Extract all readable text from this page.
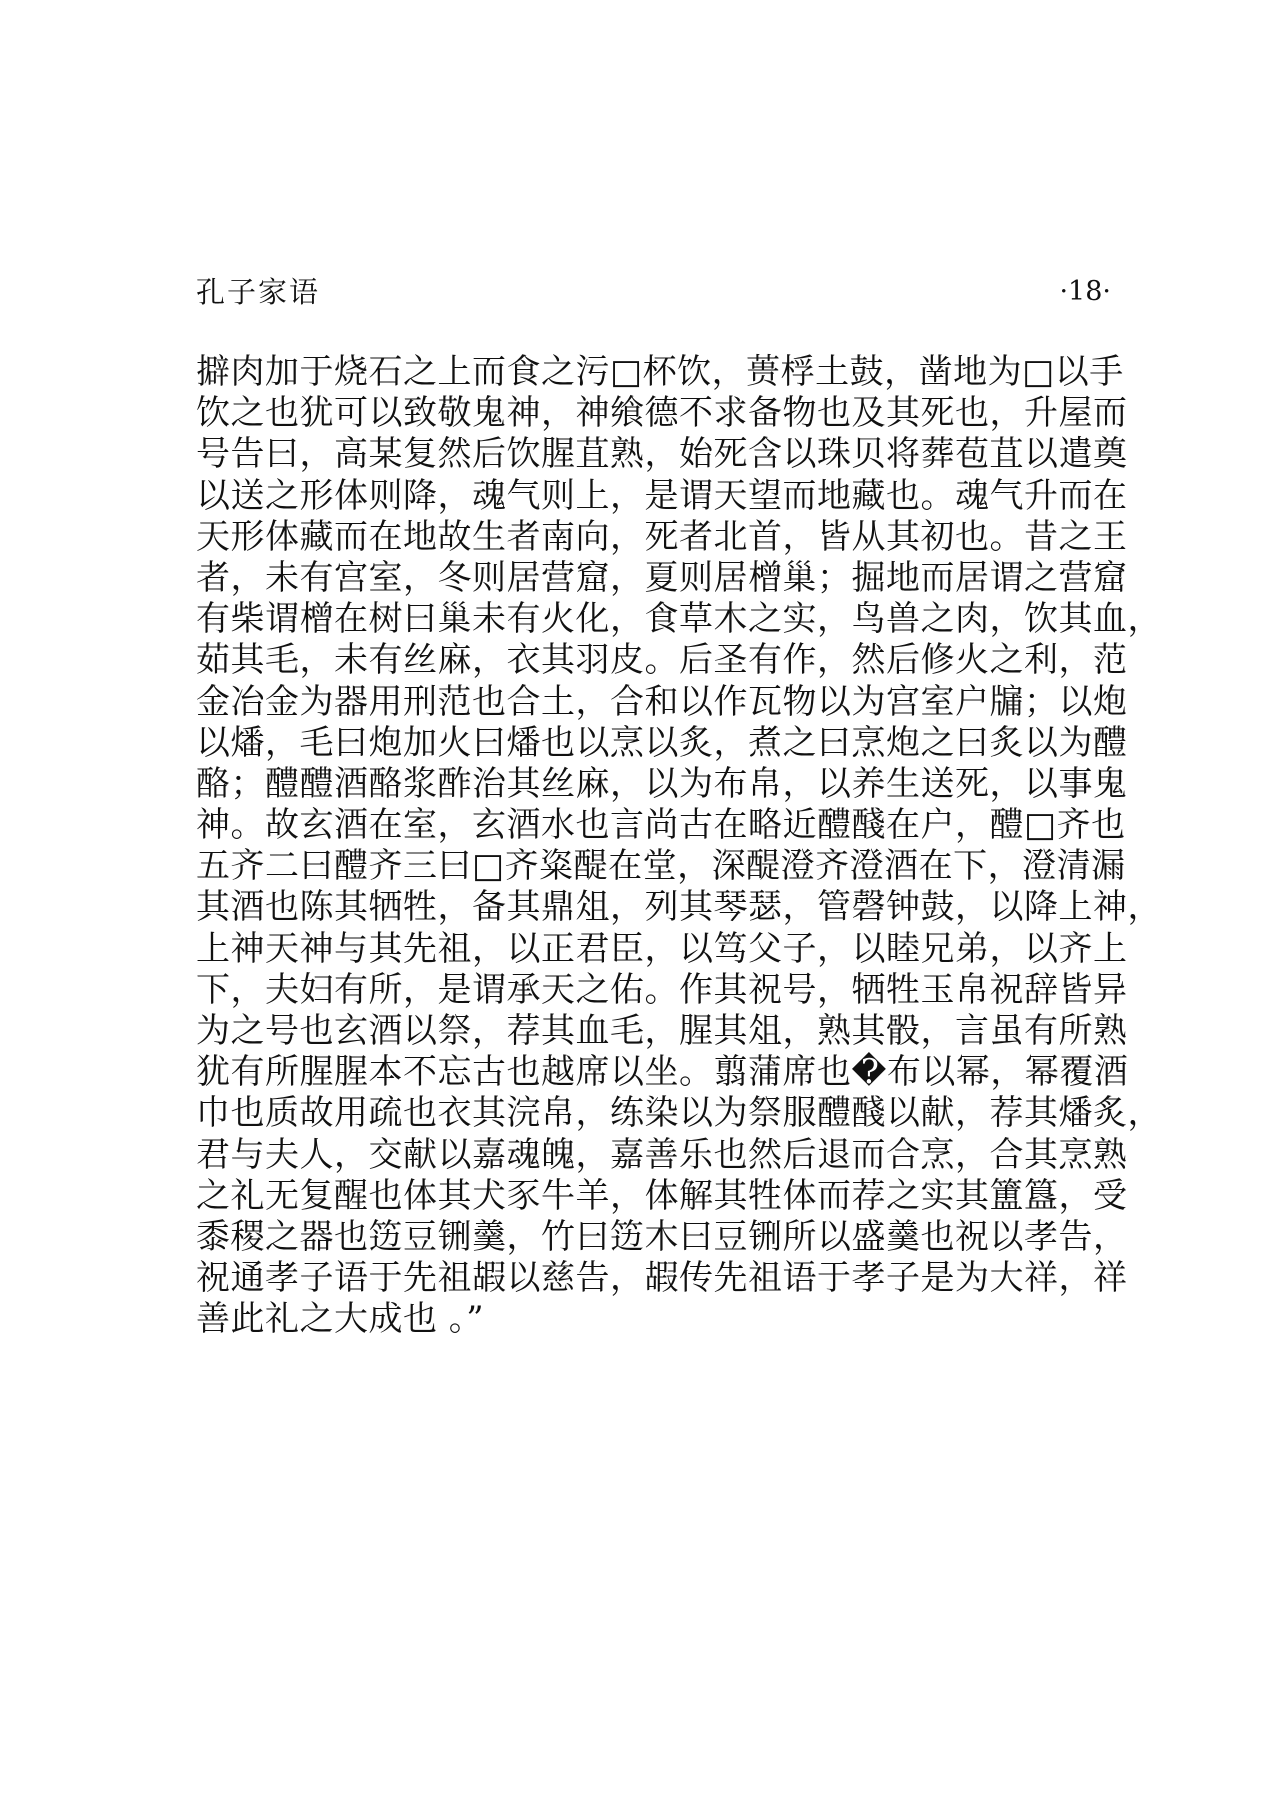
孔子家语	·18·
擗肉加于烧石之上而食之污□杯饮，蒉桴土鼓，凿地为□以手
饮之也犹可以致敬鬼神，神飨德不求备物也及其死也，升屋而
号告曰，高某复然后饮腥苴熟，始死含以珠贝将葬苞苴以遣奠
以送之形体则降，魂气则上，是谓天望而地藏也。魂气升而在
天形体藏而在地故生者南向，死者北首，皆从其初也。昔之王
者，未有宫室，冬则居营窟，夏则居橧巢；掘地而居谓之营窟
有柴谓橧在树曰巢未有火化，食草木之实，鸟兽之肉，饮其血，
茹其毛，未有丝麻，衣其羽皮。后圣有作，然后修火之利，范
金冶金为器用刑范也合土，合和以作瓦物以为宫室户牖；以炮
以燔，毛曰炮加火曰燔也以烹以炙，煮之曰烹炮之曰炙以为醴
酪；醴醴酒酪浆酢治其丝麻，以为布帛，以养生送死，以事鬼
神。故玄酒在室，玄酒水也言尚古在略近醴醆在户，醴□齐也
五齐二曰醴齐三曰□齐粢醍在堂，深醍澄齐澄酒在下，澄清漏
其酒也陈其牺牲，备其鼎俎，列其琴瑟，管磬钟鼓，以降上神，
上神天神与其先祖，以正君臣，以笃父子，以睦兄弟，以齐上
下，夫妇有所，是谓承天之佑。作其祝号，牺牲玉帛祝辞皆异
为之号也玄酒以祭，荐其血毛，腥其俎，熟其骰，言虽有所熟
犹有所腥腥本不忘古也越席以坐。翦蒲席也�布以幂，幂覆酒
巾也质故用疏也衣其浣帛，练染以为祭服醴醆以献，荐其燔炙，
君与夫人，交献以嘉魂魄，嘉善乐也然后退而合烹，合其烹熟
之礼无复醒也体其犬豕牛羊，体解其牲体而荐之实其簠簋，受
黍稷之器也笾豆铏羹，竹曰笾木曰豆铏所以盛羹也祝以孝告，
祝通孝子语于先祖嘏以慈告，嘏传先祖语于孝子是为大祥，祥
善此礼之大成也 。”
